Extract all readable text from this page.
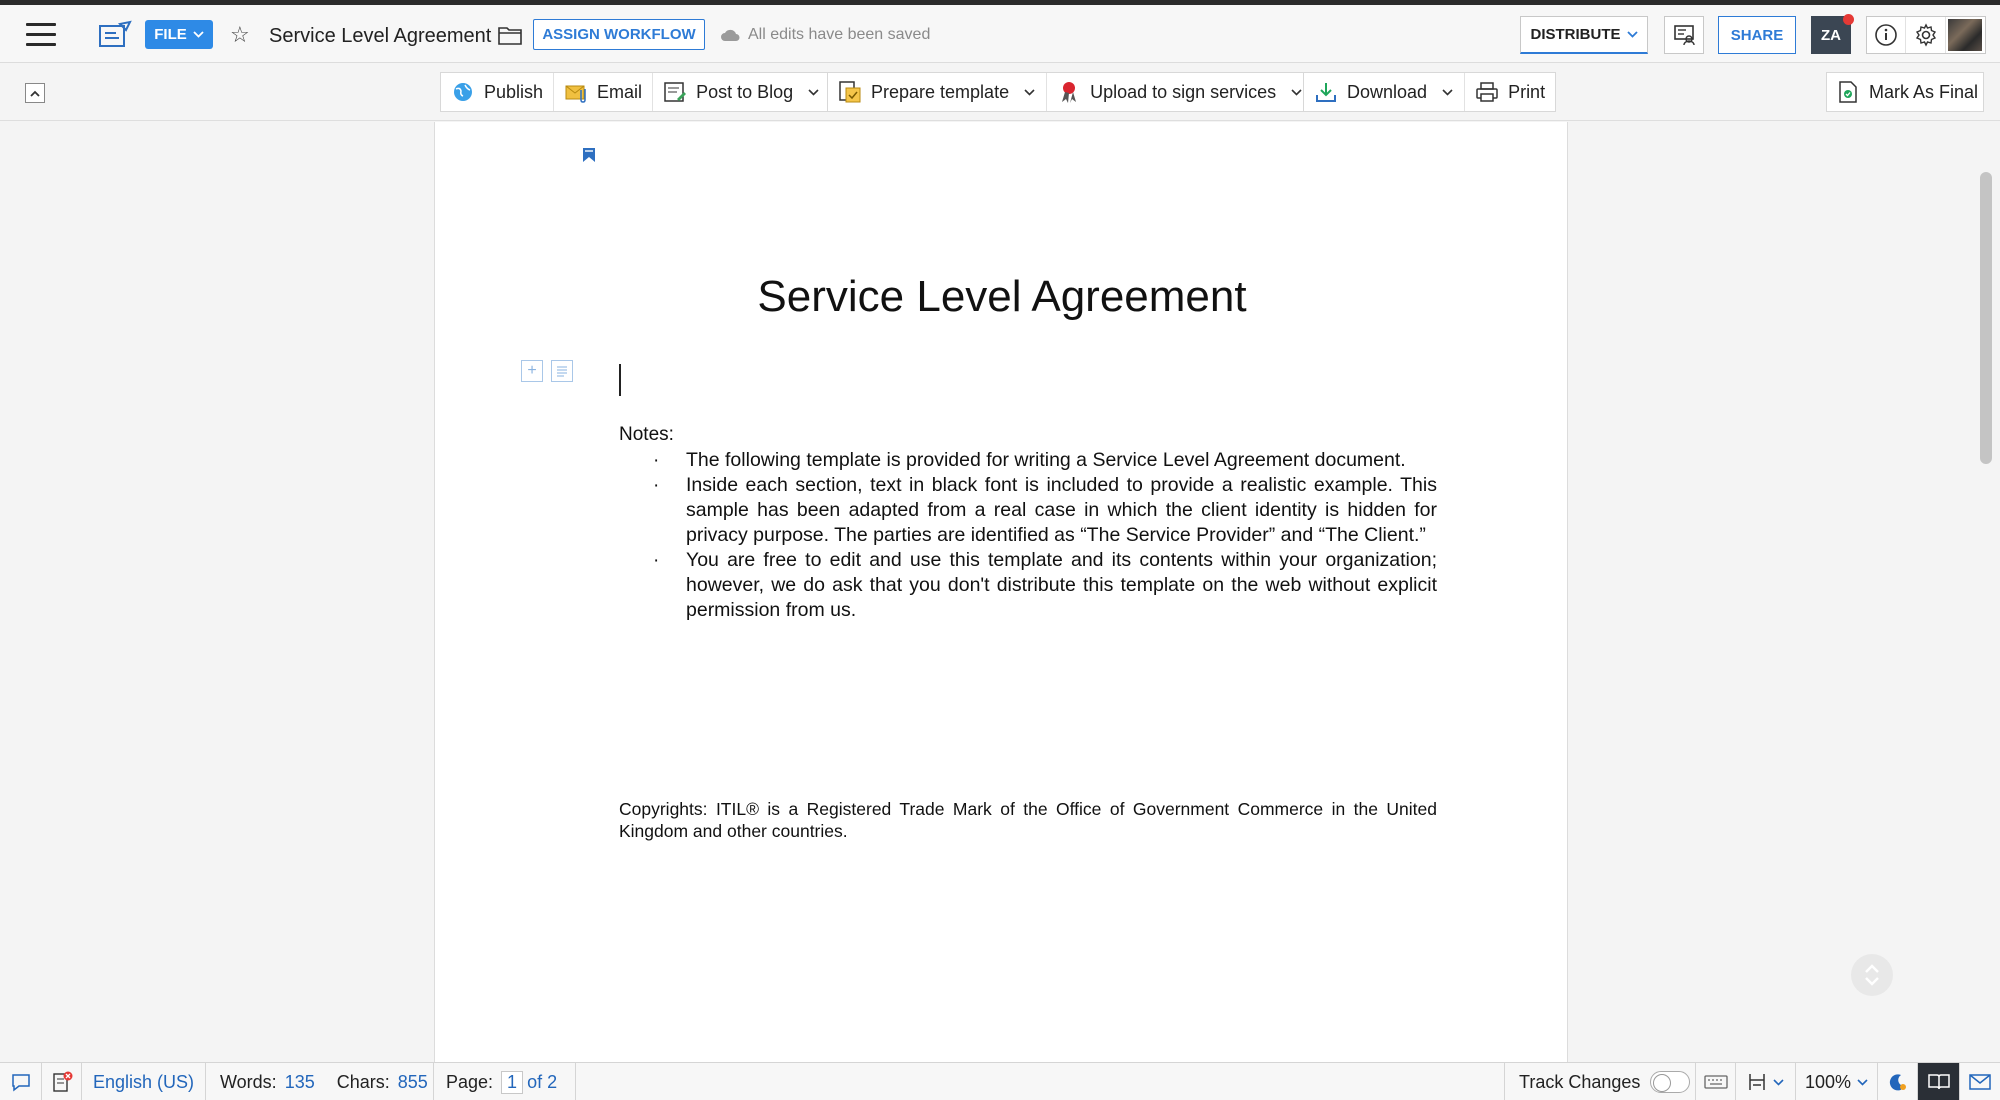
FILE ☆ Service Level Agreement	ASSIGN WORKFLOW	All edits have been saved	DISTRIBUTE	SHARE	ZA
Publish	Email	Post to Blog	Prepare template	Upload to sign services	Download	Print	Mark As Final
Service Level Agreement
+
Notes:
· The following template is provided for writing a Service Level Agreement document.
· Inside each section, text in black font is included to provide a realistic example. This sample has been adapted from a real case in which the client identity is hidden for privacy purpose. The parties are identified as “The Service Provider” and “The Client.”
· You are free to edit and use this template and its contents within your organization; however, we do ask that you don't distribute this template on the web without explicit permission from us.
Copyrights: ITIL® is a Registered Trade Mark of the Office of Government Commerce in the United Kingdom and other countries.
English (US) Words: 135 Chars: 855 Page: 1 of 2	Track Changes	100%
